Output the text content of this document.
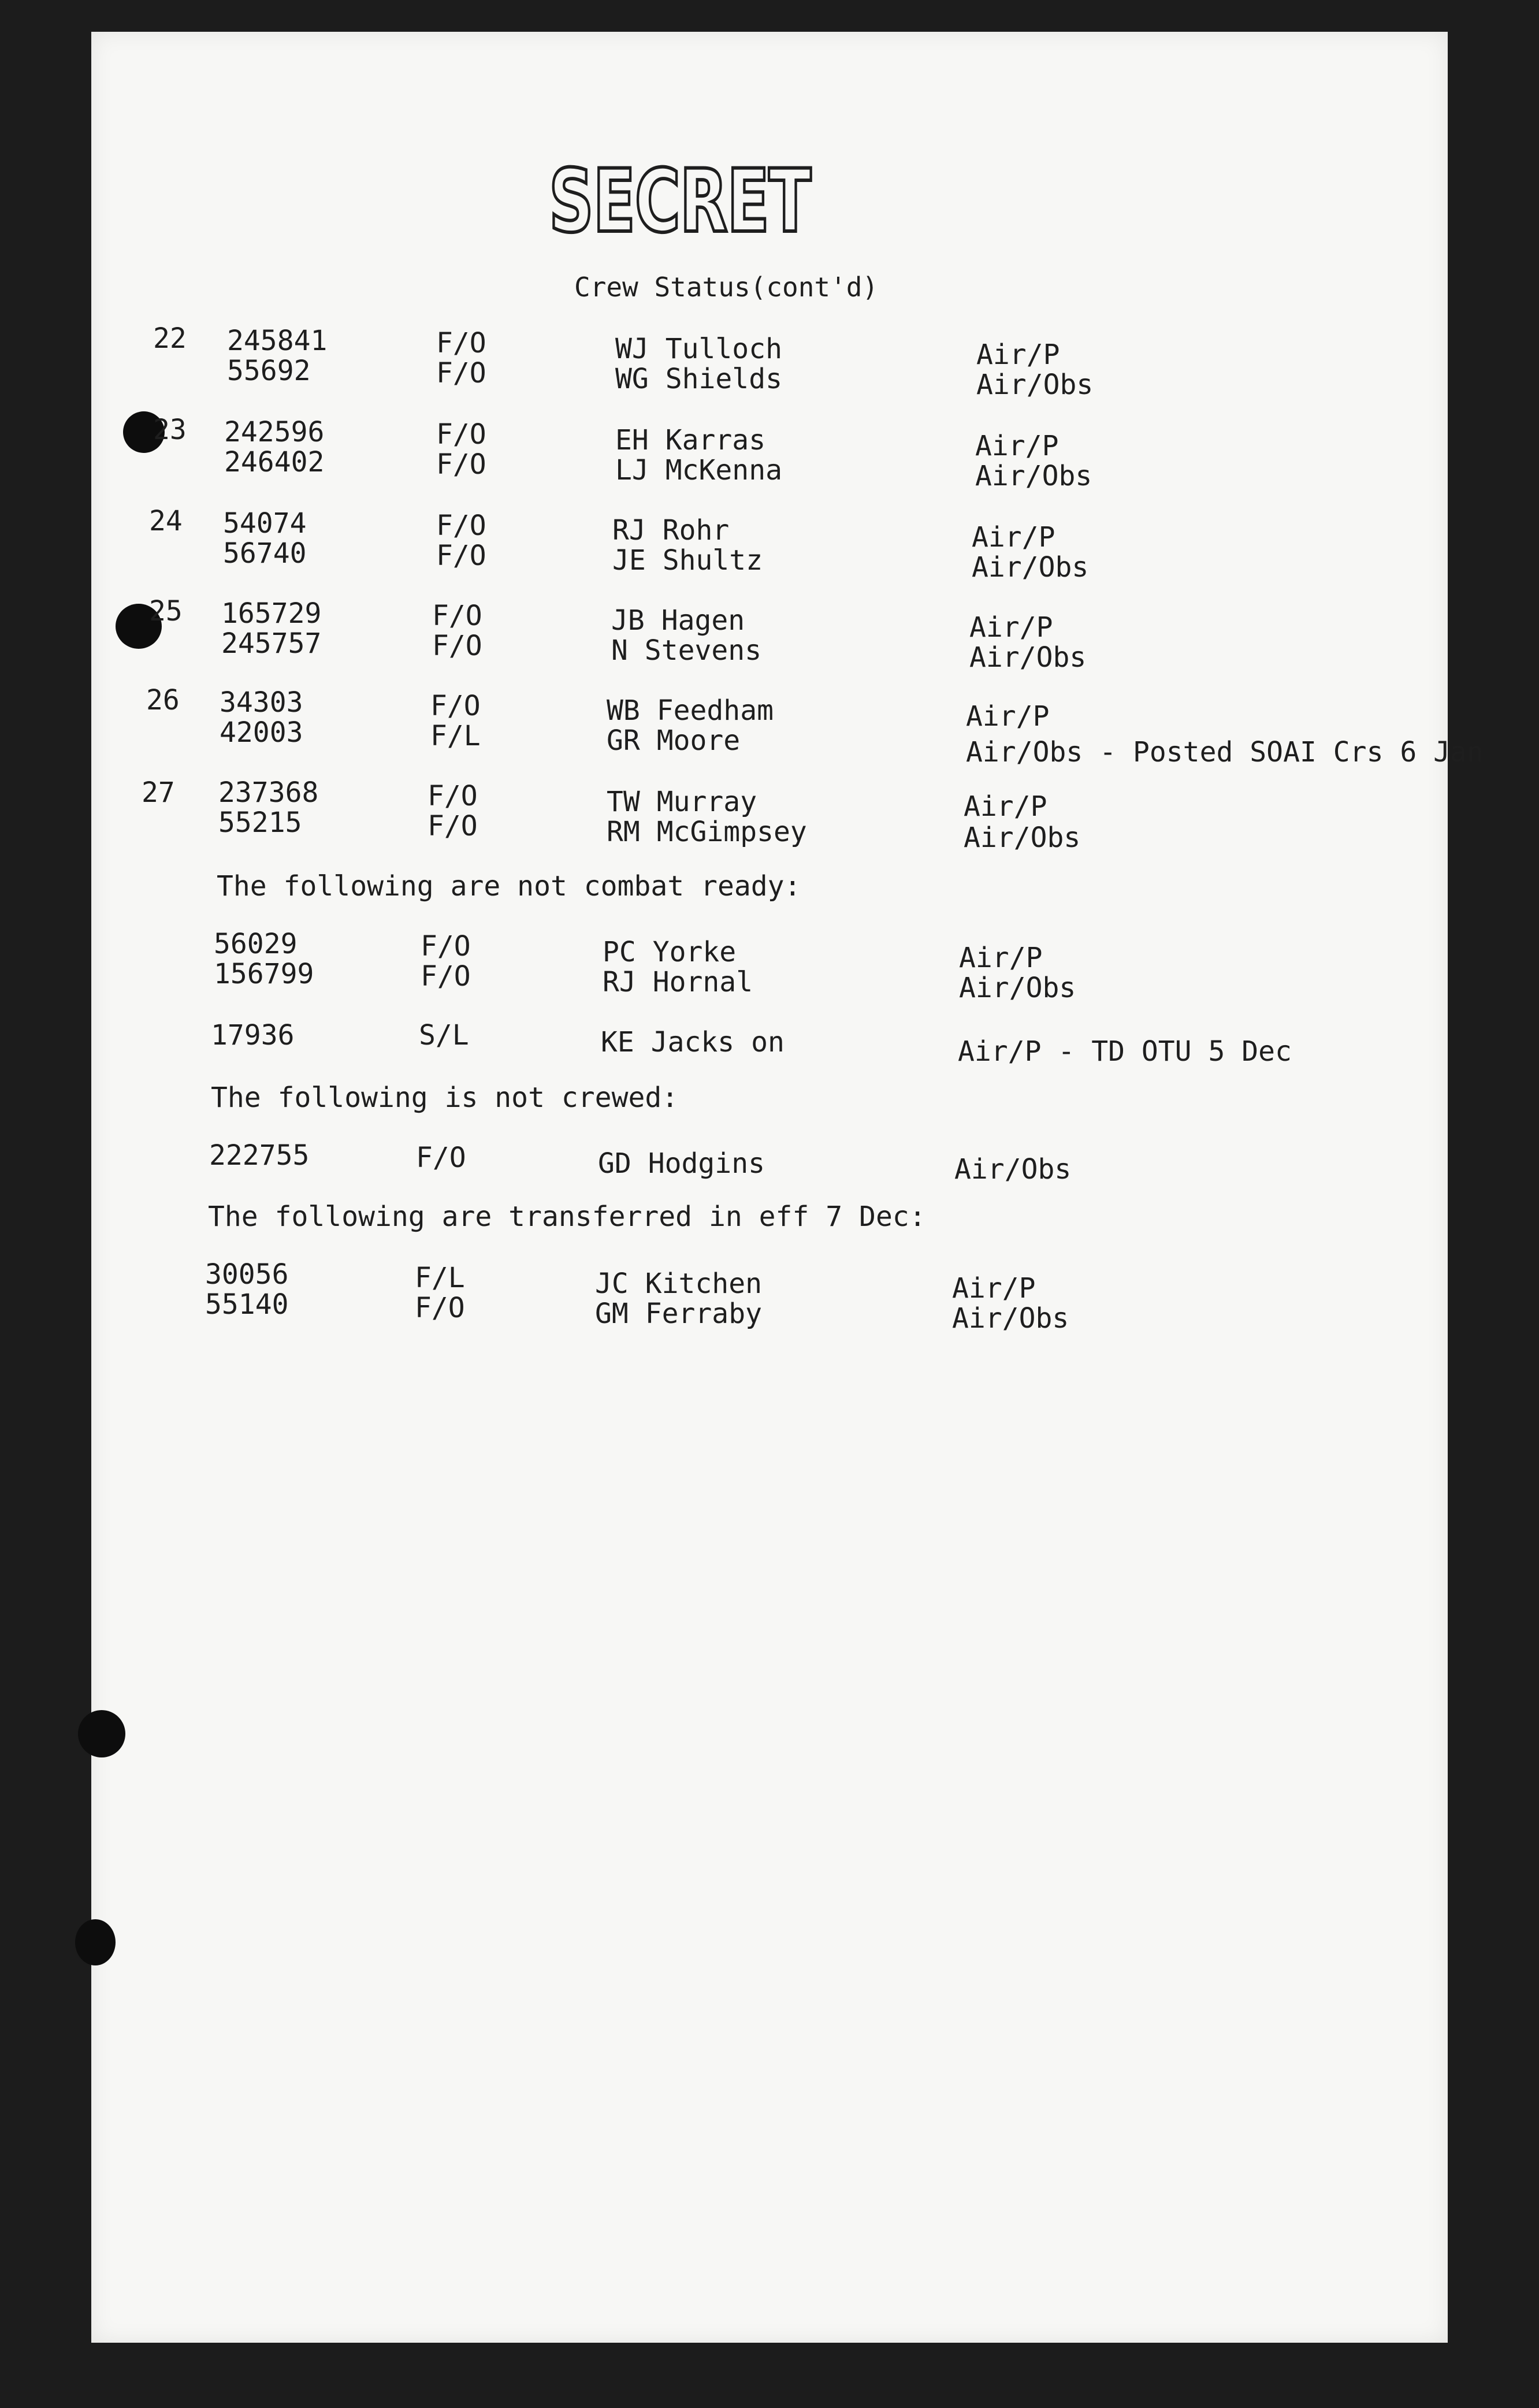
SECRET
Crew Status(cont'd)
22 245841	F/O	WJ Tulloch	Air/P
55692	F/O	WG Shields	Air/Obs
23 242596	F/O	EH Karras	Air/P
246402	F/O	LJ McKenna	Air/Obs
24 54074	F/O	RJ Rohr	Air/P
56740	F/O	JE Shultz	Air/Obs
25 165729	F/O	JB Hagen	Air/P
245757	F/O	N Stevens	Air/Obs
26 34303	F/O	WB Feedham	Air/P
42003	F/L	GR Moore	Air/Obs - Posted SOAI Crs 6 Jan
27 237368	F/O	TW Murray	Air/P
55215	F/O	RM McGimpsey	Air/Obs
The following are not combat ready:
56029	F/O	PC Yorke	Air/P
156799	F/O	RJ Hornal	Air/Obs
17936	S/L	KE Jacks on	Air/P - TD OTU 5 Dec
The following is not crewed:
222755	F/O	GD Hodgins	Air/Obs
The following are transferred in eff 7 Dec:
30056	F/L	JC Kitchen	Air/P
55140	F/O	GM Ferraby	Air/Obs
